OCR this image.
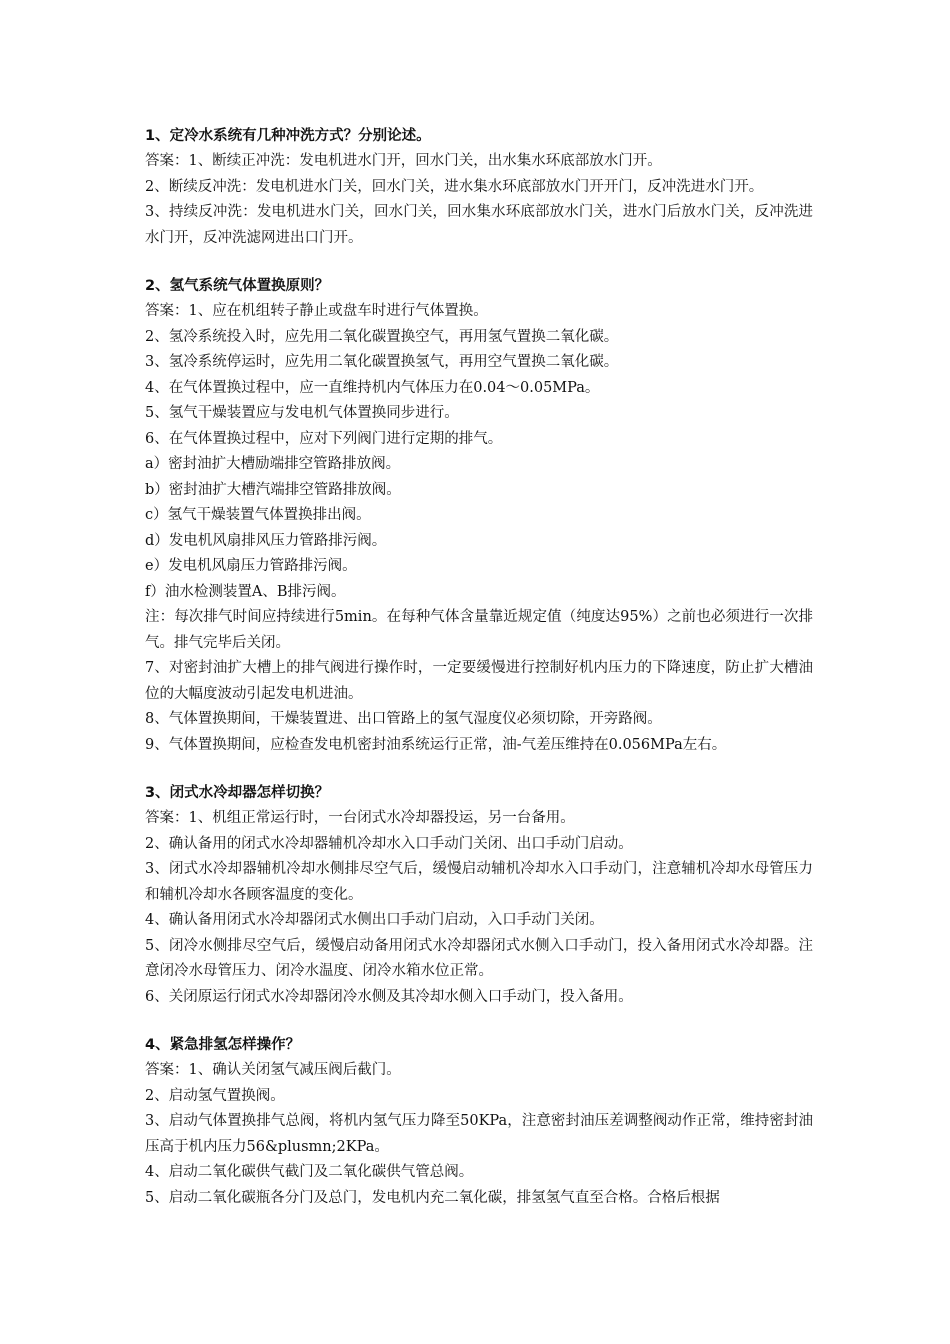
1、定冷水系统有几种冲洗方式？分别论述。

答案：1、断续正冲洗：发电机进水门开，回水门关，出水集水环底部放水门开。

2、断续反冲洗：发电机进水门关，回水门关，进水集水环底部放水门开开门，反冲洗进水门开。

3、持续反冲洗：发电机进水门关，回水门关，回水集水环底部放水门关，进水门后放水门关，反冲洗进水门开，反冲洗滤网进出口门开。

2、氢气系统气体置换原则？

答案：1、应在机组转子静止或盘车时进行气体置换。

2、氢冷系统投入时，应先用二氧化碳置换空气，再用氢气置换二氧化碳。

3、氢冷系统停运时，应先用二氧化碳置换氢气，再用空气置换二氧化碳。

4、在气体置换过程中，应一直维持机内气体压力在0.04～0.05MPa。

5、氢气干燥装置应与发电机气体置换同步进行。

6、在气体置换过程中，应对下列阀门进行定期的排气。

a）密封油扩大槽励端排空管路排放阀。

b）密封油扩大槽汽端排空管路排放阀。

c）氢气干燥装置气体置换排出阀。

d）发电机风扇排风压力管路排污阀。

e）发电机风扇压力管路排污阀。

f）油水检测装置A、B排污阀。

注：每次排气时间应持续进行5min。在每种气体含量靠近规定值（纯度达95%）之前也必须进行一次排气。排气完毕后关闭。

7、对密封油扩大槽上的排气阀进行操作时，一定要缓慢进行控制好机内压力的下降速度，防止扩大槽油位的大幅度波动引起发电机进油。

8、气体置换期间，干燥装置进、出口管路上的氢气湿度仪必须切除，开旁路阀。

9、气体置换期间，应检查发电机密封油系统运行正常，油-气差压维持在0.056MPa左右。

3、闭式水冷却器怎样切换？

答案：1、机组正常运行时，一台闭式水冷却器投运，另一台备用。

2、确认备用的闭式水冷却器辅机冷却水入口手动门关闭、出口手动门启动。

3、闭式水冷却器辅机冷却水侧排尽空气后，缓慢启动辅机冷却水入口手动门，注意辅机冷却水母管压力和辅机冷却水各顾客温度的变化。

4、确认备用闭式水冷却器闭式水侧出口手动门启动，入口手动门关闭。

5、闭冷水侧排尽空气后，缓慢启动备用闭式水冷却器闭式水侧入口手动门，投入备用闭式水冷却器。注意闭冷水母管压力、闭冷水温度、闭冷水箱水位正常。

6、关闭原运行闭式水冷却器闭冷水侧及其冷却水侧入口手动门，投入备用。

4、紧急排氢怎样操作？

答案：1、确认关闭氢气减压阀后截门。

2、启动氢气置换阀。

3、启动气体置换排气总阀，将机内氢气压力降至50KPa，注意密封油压差调整阀动作正常，维持密封油压高于机内压力56&plusmn;2KPa。

4、启动二氧化碳供气截门及二氧化碳供气管总阀。

5、启动二氧化碳瓶各分门及总门，发电机内充二氧化碳，排氢氢气直至合格。合格后根据
